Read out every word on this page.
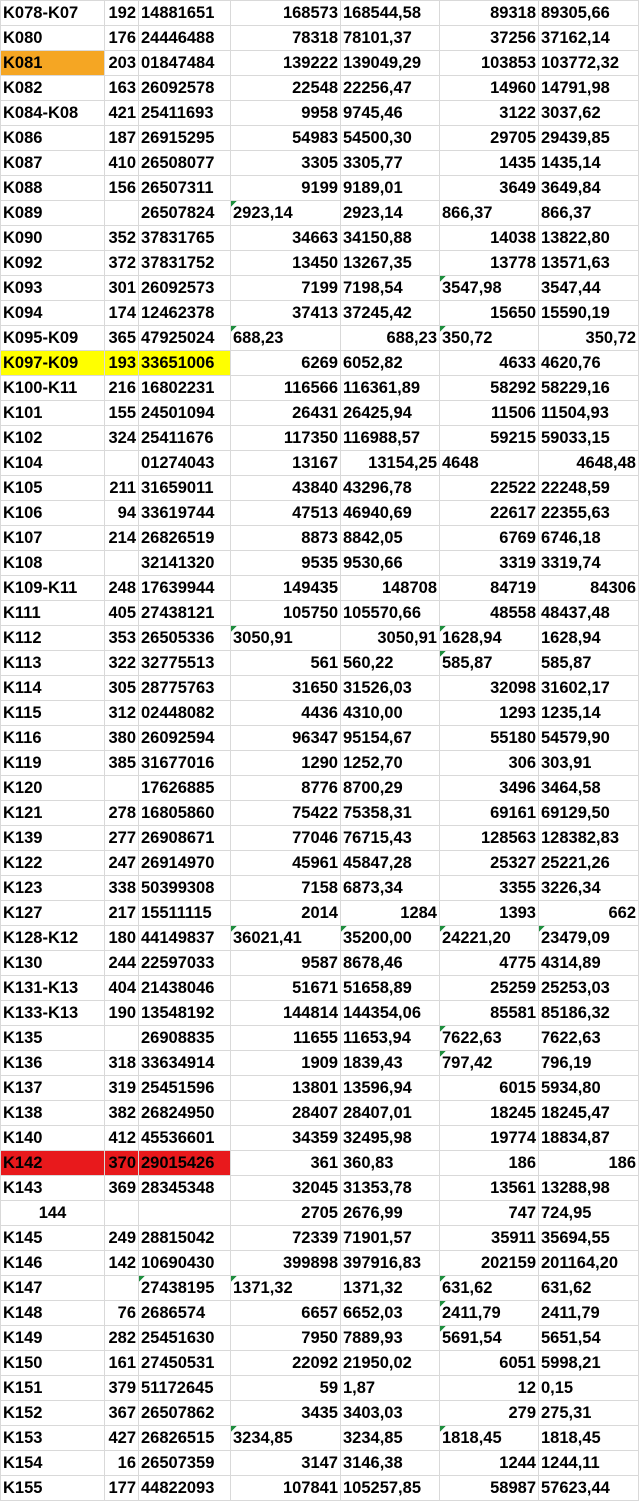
K078-K07	192	14881651	168573	168544,58	89318	89305,66
K080	176	24446488	78318	78101,37	37256	37162,14
K081	203	01847484	139222	139049,29	103853	103772,32
K082	163	26092578	22548	22256,47	14960	14791,98
K084-K08	421	25411693	9958	9745,46	3122	3037,62
K086	187	26915295	54983	54500,30	29705	29439,85
K087	410	26508077	3305	3305,77	1435	1435,14
K088	156	26507311	9199	9189,01	3649	3649,84
K089		26507824	2923,14	2923,14	866,37	866,37
K090	352	37831765	34663	34150,88	14038	13822,80
K092	372	37831752	13450	13267,35	13778	13571,63
K093	301	26092573	7199	7198,54	3547,98	3547,44
K094	174	12462378	37413	37245,42	15650	15590,19
K095-K09	365	47925024	688,23	688,23	350,72	350,72
K097-K09	193	33651006	6269	6052,82	4633	4620,76
K100-K11	216	16802231	116566	116361,89	58292	58229,16
K101	155	24501094	26431	26425,94	11506	11504,93
K102	324	25411676	117350	116988,57	59215	59033,15
K104		01274043	13167	13154,25	4648	4648,48
K105	211	31659011	43840	43296,78	22522	22248,59
K106	94	33619744	47513	46940,69	22617	22355,63
K107	214	26826519	8873	8842,05	6769	6746,18
K108		32141320	9535	9530,66	3319	3319,74
K109-K11	248	17639944	149435	148708	84719	84306
K111	405	27438121	105750	105570,66	48558	48437,48
K112	353	26505336	3050,91	3050,91	1628,94	1628,94
K113	322	32775513	561	560,22	585,87	585,87
K114	305	28775763	31650	31526,03	32098	31602,17
K115	312	02448082	4436	4310,00	1293	1235,14
K116	380	26092594	96347	95154,67	55180	54579,90
K119	385	31677016	1290	1252,70	306	303,91
K120		17626885	8776	8700,29	3496	3464,58
K121	278	16805860	75422	75358,31	69161	69129,50
K139	277	26908671	77046	76715,43	128563	128382,83
K122	247	26914970	45961	45847,28	25327	25221,26
K123	338	50399308	7158	6873,34	3355	3226,34
K127	217	15511115	2014	1284	1393	662
K128-K12	180	44149837	36021,41	35200,00	24221,20	23479,09
K130	244	22597033	9587	8678,46	4775	4314,89
K131-K13	404	21438046	51671	51658,89	25259	25253,03
K133-K13	190	13548192	144814	144354,06	85581	85186,32
K135		26908835	11655	11653,94	7622,63	7622,63
K136	318	33634914	1909	1839,43	797,42	796,19
K137	319	25451596	13801	13596,94	6015	5934,80
K138	382	26824950	28407	28407,01	18245	18245,47
K140	412	45536601	34359	32495,98	19774	18834,87
K142	370	29015426	361	360,83	186	186
K143	369	28345348	32045	31353,78	13561	13288,98
144			2705	2676,99	747	724,95
K145	249	28815042	72339	71901,57	35911	35694,55
K146	142	10690430	399898	397916,83	202159	201164,20
K147		27438195	1371,32	1371,32	631,62	631,62
K148	76	2686574	6657	6652,03	2411,79	2411,79
K149	282	25451630	7950	7889,93	5691,54	5651,54
K150	161	27450531	22092	21950,02	6051	5998,21
K151	379	51172645	59	1,87	12	0,15
K152	367	26507862	3435	3403,03	279	275,31
K153	427	26826515	3234,85	3234,85	1818,45	1818,45
K154	16	26507359	3147	3146,38	1244	1244,11
K155	177	44822093	107841	105257,85	58987	57623,44
